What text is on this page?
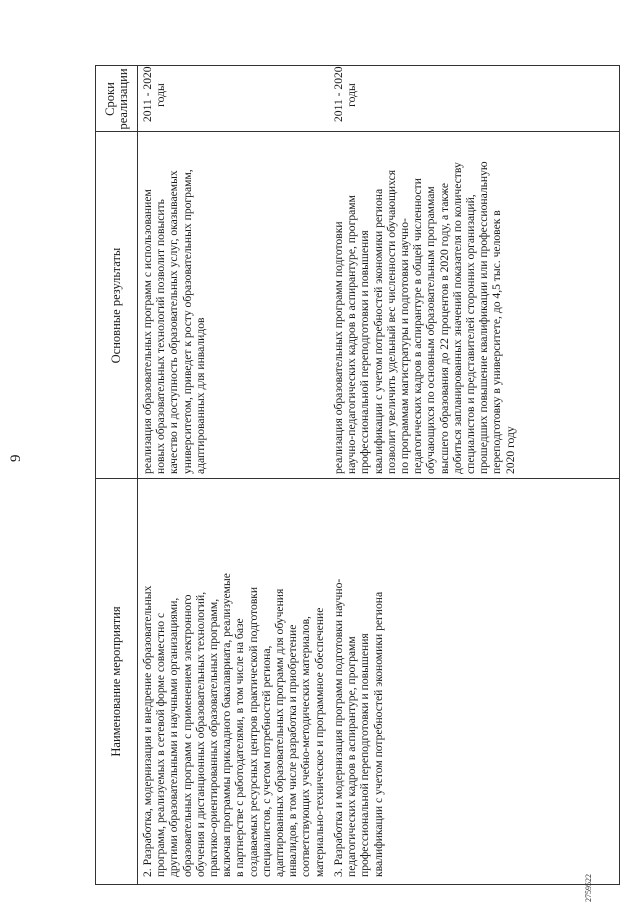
9
2759522
Наименование мероприятия
Основные результаты
Сроки реализации
2. Разработка, модернизация и внедрение образовательных программ, реализуемых в сетевой форме совместно с другими образовательными и научными организациями, образовательных программ с применением электронного обучения и дистанционных образовательных технологий, практико-ориентированных образовательных программ, включая программы прикладного бакалавриата, реализуемые в партнерстве с работодателями, в том числе на базе создаваемых ресурсных центров практической подготовки специалистов, с учетом потребностей региона, адаптированных образовательных программ для обучения инвалидов, в том числе разработка и приобретение соответствующих учебно-методических материалов, материально-техническое и программное обеспечение
реализация образовательных программ с использованием новых образовательных технологий позволит повысить качество и доступность образовательных услуг, оказываемых университетом, приведет к росту образовательных программ, адаптированных для инвалидов
2011 - 2020 годы
3. Разработка и модернизация программ подготовки научно- педагогических кадров в аспирантуре, программ профессиональной переподготовки и повышения квалификации с учетом потребностей экономики региона
реализация образовательных программ подготовки научно-педагогических кадров в аспирантуре, программ профессиональной переподготовки и повышения квалификации с учетом потребностей экономики региона позволит увеличить удельный вес численности обучающихся по программам магистратуры и подготовки научно- педагогических кадров в аспирантуре в общей численности обучающихся по основным образовательным программам высшего образования до 22 процентов в 2020 году, а также добиться запланированных значений показателя по количеству специалистов и представителей сторонних организаций, прошедших повышение квалификации или профессиональную переподготовку в университете, до 4,5 тыс. человек в 2020 году
2011 - 2020 годы
